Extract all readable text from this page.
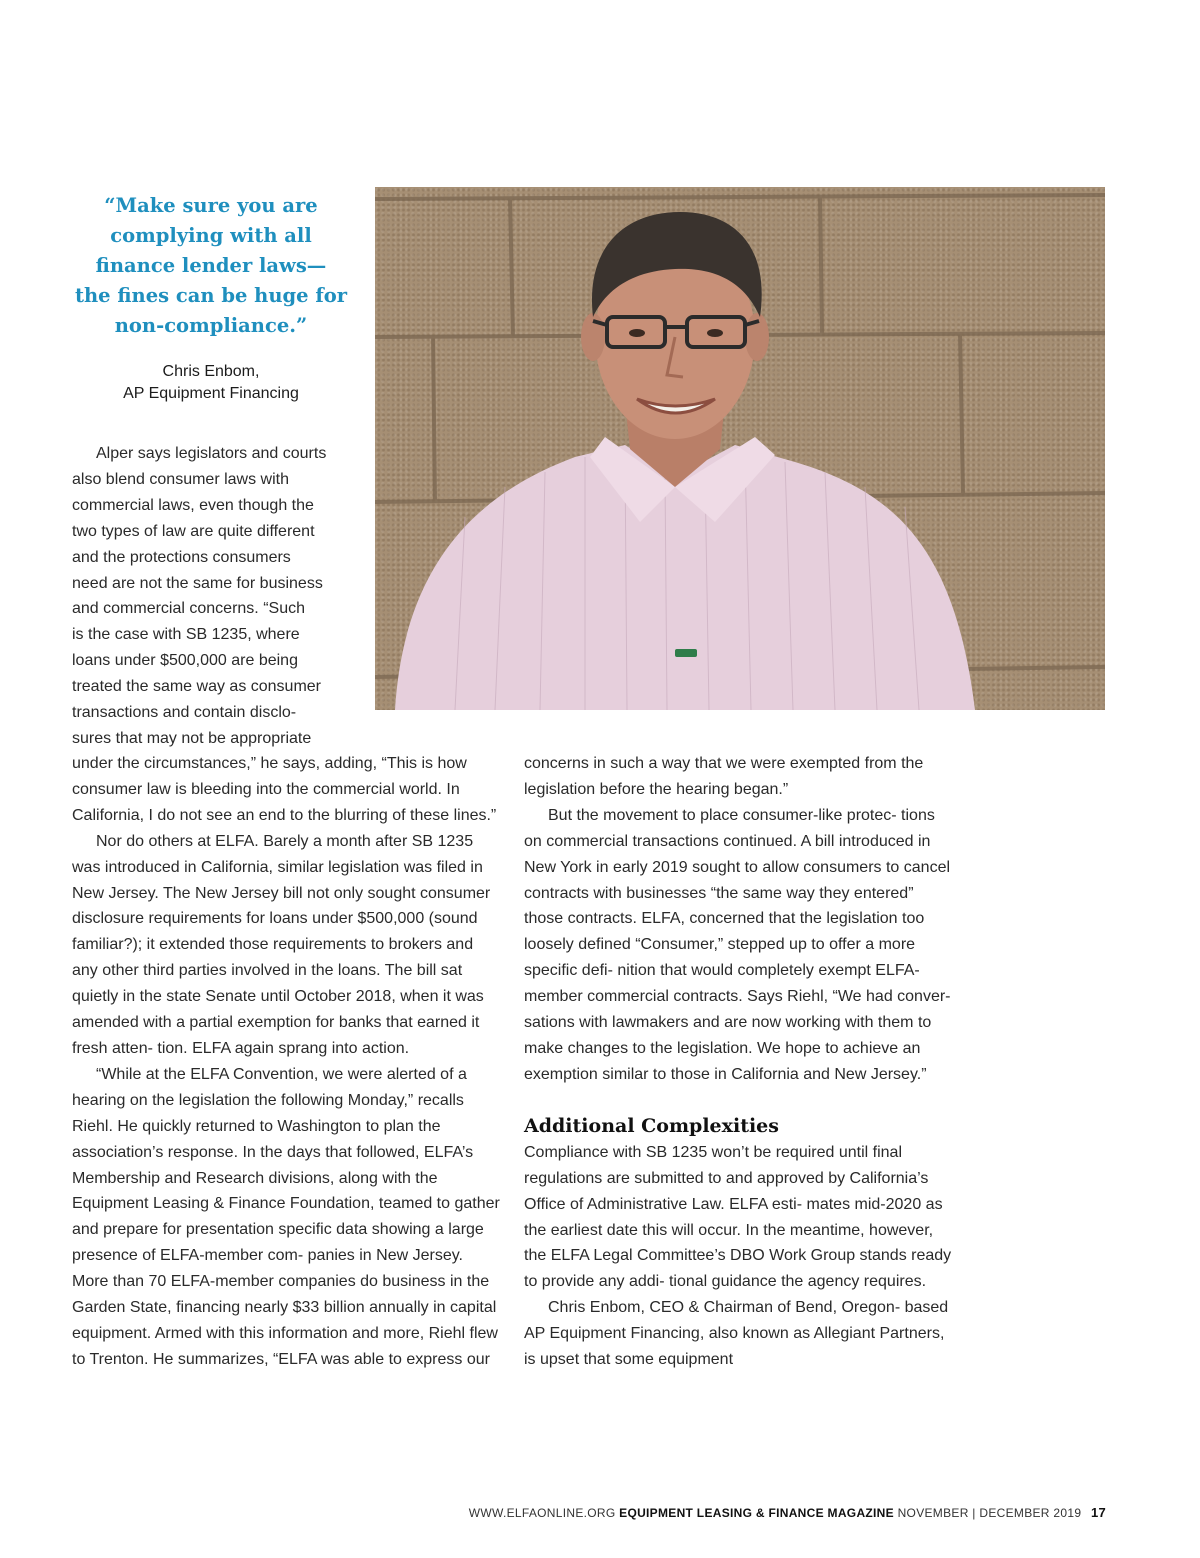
“Make sure you are
complying with all
finance lender laws—
the fines can be huge for
non-compliance.”

Chris Enbom,
AP Equipment Financing

Alper says legislators and courts
also blend consumer laws with
commercial laws, even though the
two types of law are quite different
and the protections consumers
need are not the same for business
and commercial concerns. “Such
is the case with SB 1235, where
loans under $500,000 are being
treated the same way as consumer
transactions and contain disclo-
sures that may not be appropriate

under the circumstances,” he says, adding, “This is how consumer law is bleeding into the commercial world. In California, I do not see an end to the blurring of these lines.”

Nor do others at ELFA. Barely a month after SB 1235 was introduced in California, similar legislation was filed in New Jersey. The New Jersey bill not only sought consumer disclosure requirements for loans under $500,000 (sound familiar?); it extended those requirements to brokers and any other third parties involved in the loans. The bill sat quietly in the state Senate until October 2018, when it was amended with a partial exemption for banks that earned it fresh atten- tion. ELFA again sprang into action.

“While at the ELFA Convention, we were alerted of a hearing on the legislation the following Monday,” recalls Riehl. He quickly returned to Washington to plan the association’s response. In the days that followed, ELFA’s Membership and Research divisions, along with the Equipment Leasing & Finance Foundation, teamed to gather and prepare for presentation specific data showing a large presence of ELFA-member com- panies in New Jersey. More than 70 ELFA-member companies do business in the Garden State, financing nearly $33 billion annually in capital equipment. Armed with this information and more, Riehl flew to Trenton. He summarizes, “ELFA was able to express our

concerns in such a way that we were exempted from the legislation before the hearing began.”

But the movement to place consumer-like protec- tions on commercial transactions continued. A bill introduced in New York in early 2019 sought to allow consumers to cancel contracts with businesses “the same way they entered” those contracts. ELFA, concerned that the legislation too loosely defined “Consumer,” stepped up to offer a more specific defi- nition that would completely exempt ELFA-member commercial contracts. Says Riehl, “We had conver- sations with lawmakers and are now working with them to make changes to the legislation. We hope to achieve an exemption similar to those in California and New Jersey.”

Additional Complexities

Compliance with SB 1235 won’t be required until final regulations are submitted to and approved by California’s Office of Administrative Law. ELFA esti- mates mid-2020 as the earliest date this will occur. In the meantime, however, the ELFA Legal Committee’s DBO Work Group stands ready to provide any addi- tional guidance the agency requires.

Chris Enbom, CEO & Chairman of Bend, Oregon- based AP Equipment Financing, also known as Allegiant Partners, is upset that some equipment

WWW.ELFAONLINE.ORG EQUIPMENT LEASING & FINANCE MAGAZINE NOVEMBER | DECEMBER 2019 17
